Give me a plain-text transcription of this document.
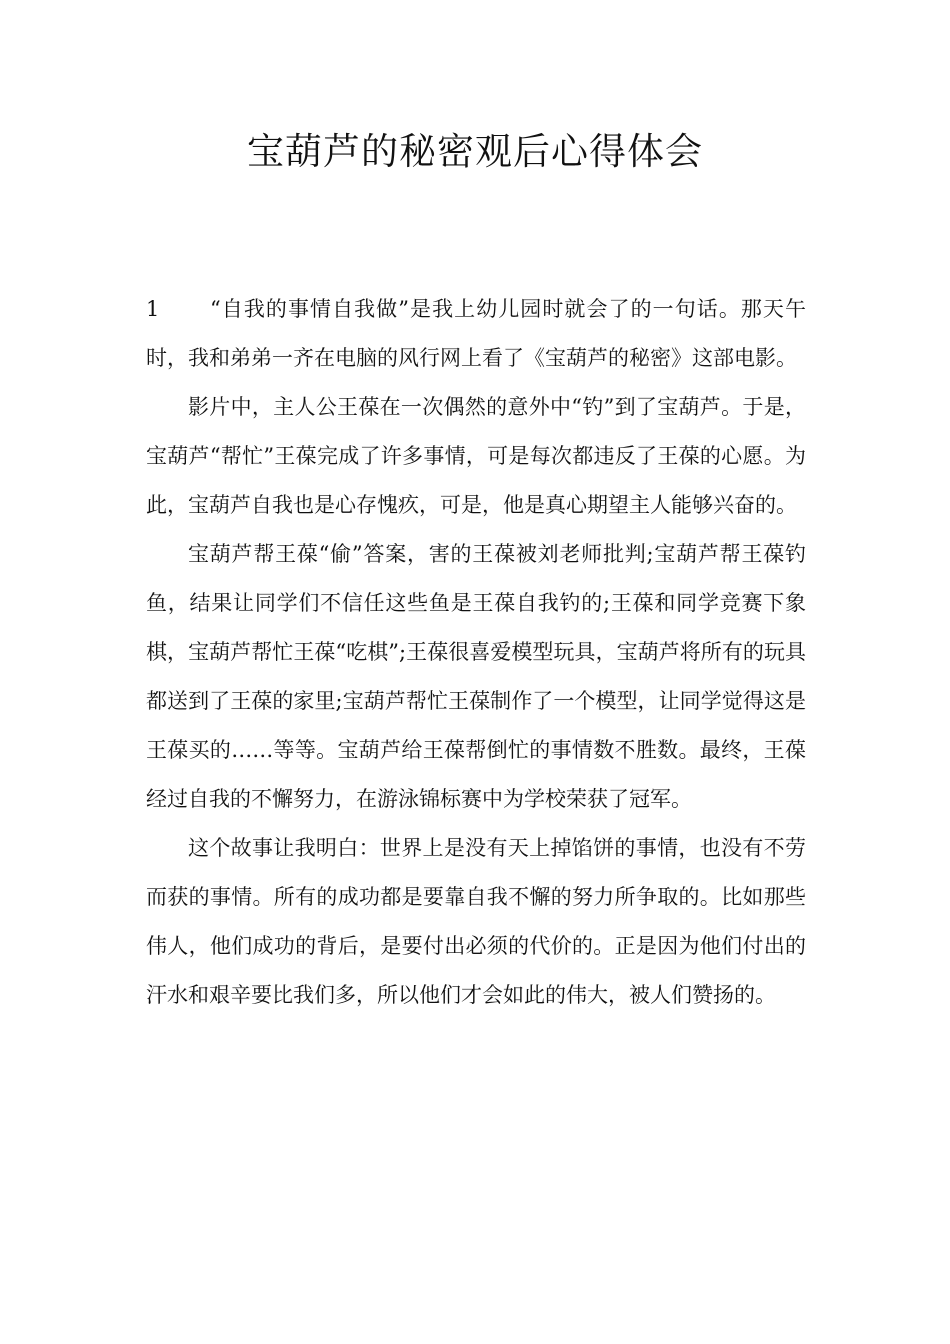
宝葫芦的秘密观后心得体会

1 “自我的事情自我做”是我上幼儿园时就会了的一句话。那天午时，我和弟弟一齐在电脑的风行网上看了《宝葫芦的秘密》这部电影。

影片中，主人公王葆在一次偶然的意外中“钓”到了宝葫芦。于是，宝葫芦“帮忙”王葆完成了许多事情，可是每次都违反了王葆的心愿。为此，宝葫芦自我也是心存愧疚，可是，他是真心期望主人能够兴奋的。

宝葫芦帮王葆“偷”答案，害的王葆被刘老师批判;宝葫芦帮王葆钓鱼，结果让同学们不信任这些鱼是王葆自我钓的;王葆和同学竞赛下象棋，宝葫芦帮忙王葆“吃棋”;王葆很喜爱模型玩具，宝葫芦将所有的玩具都送到了王葆的家里;宝葫芦帮忙王葆制作了一个模型，让同学觉得这是王葆买的……等等。宝葫芦给王葆帮倒忙的事情数不胜数。最终，王葆经过自我的不懈努力，在游泳锦标赛中为学校荣获了冠军。

这个故事让我明白：世界上是没有天上掉馅饼的事情，也没有不劳而获的事情。所有的成功都是要靠自我不懈的努力所争取的。比如那些伟人，他们成功的背后，是要付出必须的代价的。正是因为他们付出的汗水和艰辛要比我们多，所以他们才会如此的伟大，被人们赞扬的。
